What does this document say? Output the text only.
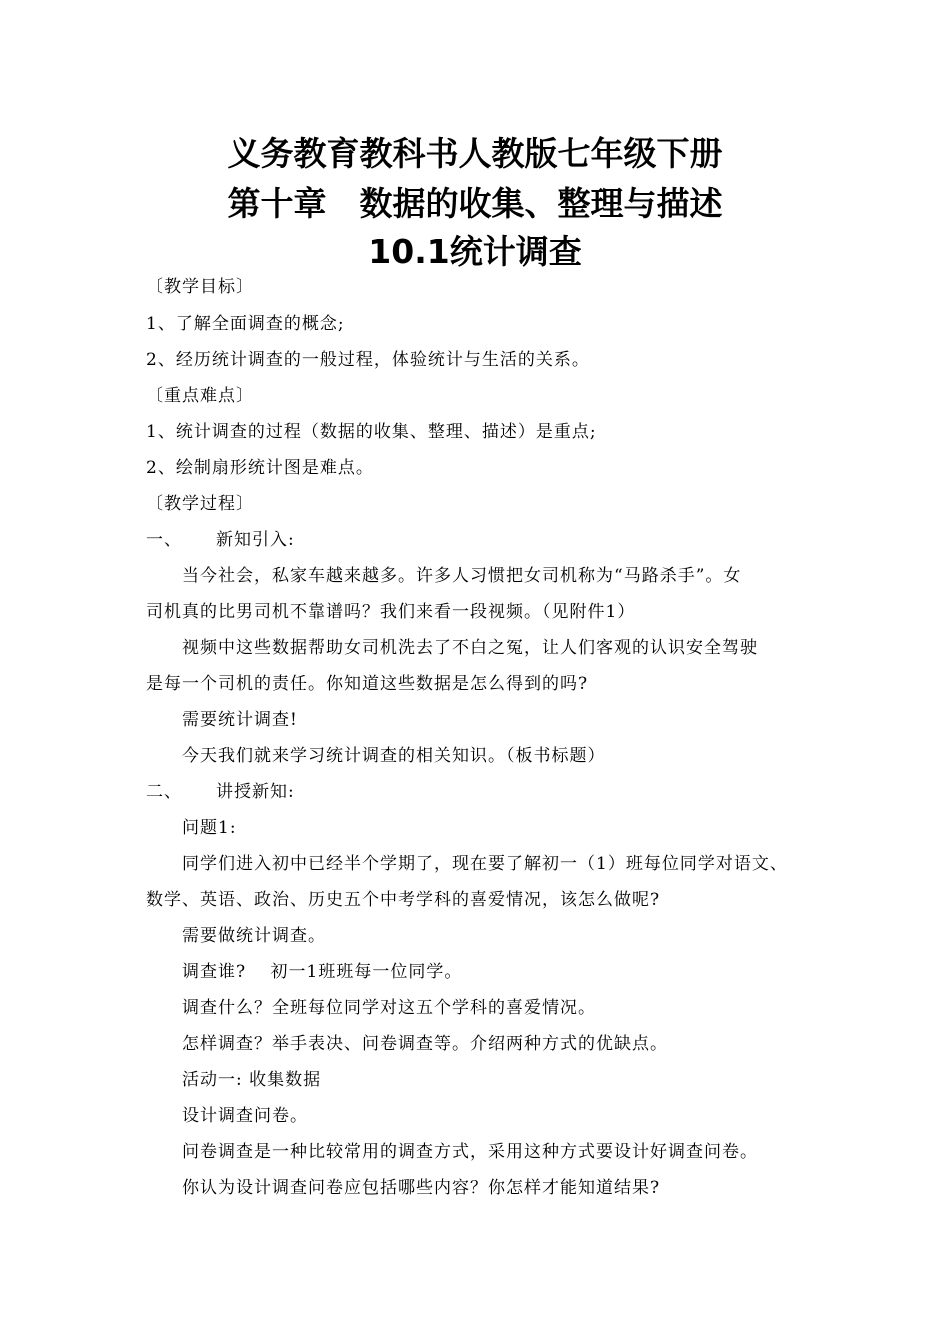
义务教育教科书人教版七年级下册
第十章　数据的收集、整理与描述
10.1统计调查
〔教学目标〕
1、了解全面调查的概念;
2、经历统计调查的一般过程，体验统计与生活的关系。
〔重点难点〕
1、统计调查的过程（数据的收集、整理、描述）是重点;
2、绘制扇形统计图是难点。
〔教学过程〕
一、 新知引入:
当今社会，私家车越来越多。许多人习惯把女司机称为“马路杀手”。女
司机真的比男司机不靠谱吗？我们来看一段视频。（见附件1）
视频中这些数据帮助女司机洗去了不白之冤，让人们客观的认识安全驾驶
是每一个司机的责任。你知道这些数据是怎么得到的吗?
需要统计调查!
今天我们就来学习统计调查的相关知识。（板书标题）
二、 讲授新知:
问题1:
同学们进入初中已经半个学期了，现在要了解初一（1）班每位同学对语文、
数学、英语、政治、历史五个中考学科的喜爱情况，该怎么做呢?
需要做统计调查。
调查谁?　 初一1班班每一位同学。
调查什么？全班每位同学对这五个学科的喜爱情况。
怎样调查？举手表决、问卷调查等。介绍两种方式的优缺点。
活动一: 收集数据
设计调查问卷。
问卷调查是一种比较常用的调查方式，采用这种方式要设计好调查问卷。
你认为设计调查问卷应包括哪些内容？你怎样才能知道结果?
